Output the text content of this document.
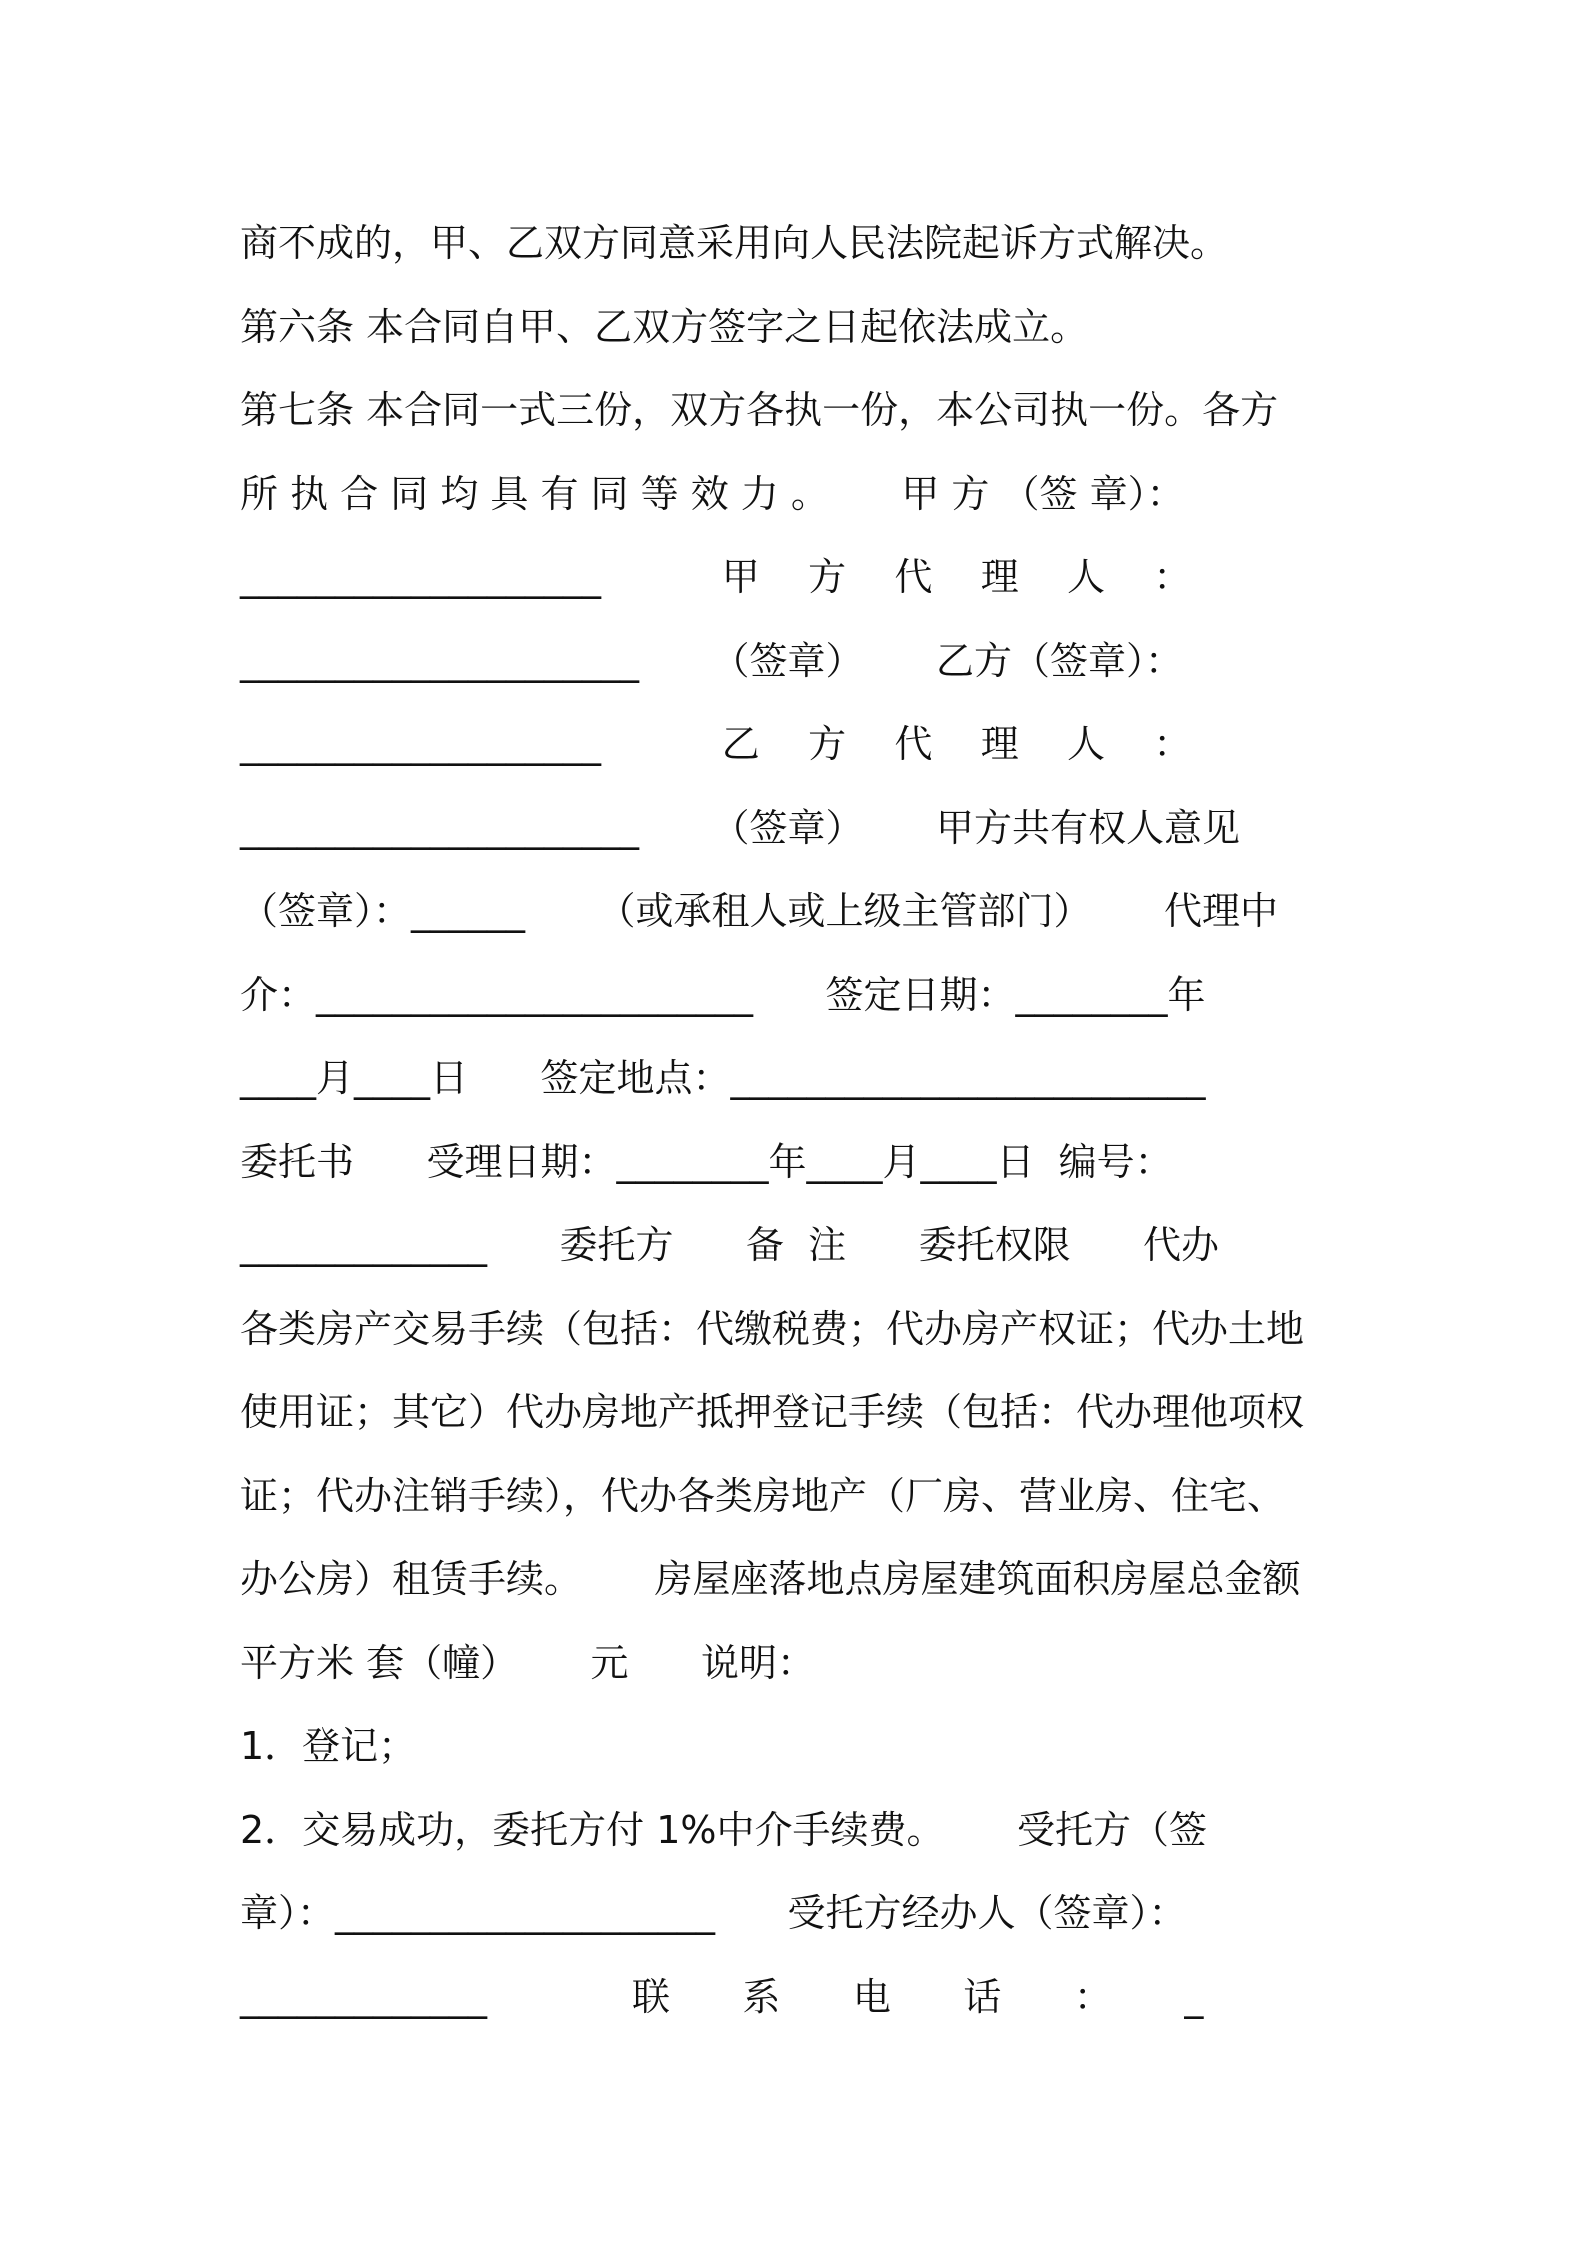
商不成的，甲、乙双方同意采用向人民法院起诉方式解决。
第六条 本合同自甲、乙双方签字之日起依法成立。
第七条 本合同一式三份，双方各执一份，本公司执一份。各方
所 执 合 同 均 具 有 同 等 效 力 。      甲 方 （签 章）：
___________________          甲    方    代    理    人    ：
_____________________      （签章）      乙方（签章）：
___________________          乙    方    代    理    人    ：
_____________________      （签章）      甲方共有权人意见
（签章）：______      （或承租人或上级主管部门）      代理中
介：_______________________      签定日期：________年
____月____日      签定地点：_________________________
委托书      受理日期：________年____月____日  编号：
_____________      委托方      备  注      委托权限      代办
各类房产交易手续（包括：代缴税费；代办房产权证；代办土地
使用证；其它）代办房地产抵押登记手续（包括：代办理他项权
证；代办注销手续），代办各类房地产（厂房、营业房、住宅、
办公房）租赁手续。      房屋座落地点房屋建筑面积房屋总金额
平方米 套（幢）      元      说明：
1．登记；
2．交易成功，委托方付 1%中介手续费。      受托方（签
章）：____________________      受托方经办人（签章）：
_____________            联      系      电      话      ：      _
